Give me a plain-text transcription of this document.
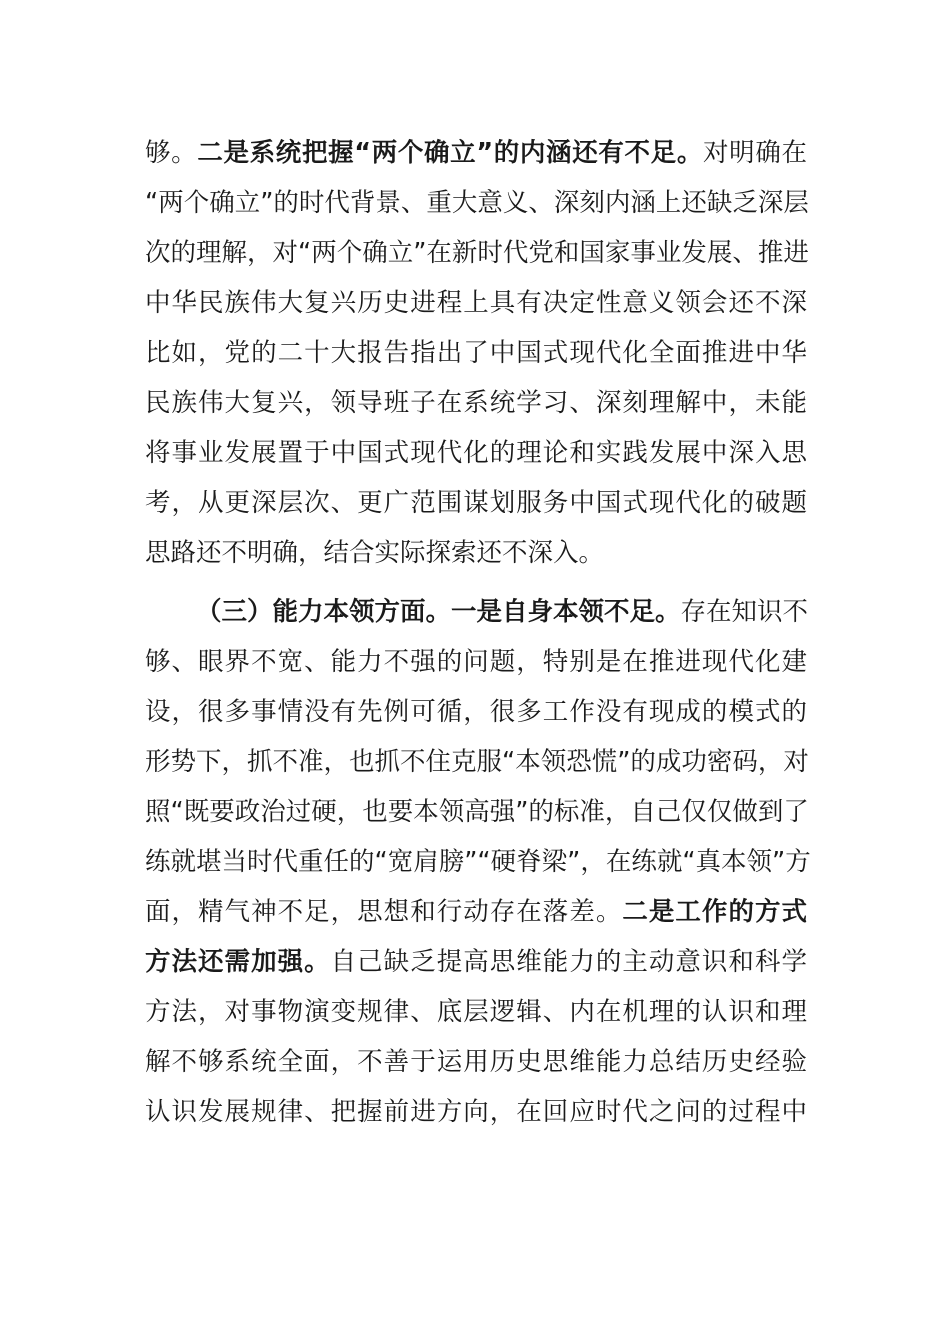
够。二是系统把握“两个确立”的内涵还有不足。对明确在
“两个确立”的时代背景、重大意义、深刻内涵上还缺乏深层
次的理解，对“两个确立”在新时代党和国家事业发展、推进
中华民族伟大复兴历史进程上具有决定性意义领会还不深
比如，党的二十大报告指出了中国式现代化全面推进中华
民族伟大复兴，领导班子在系统学习、深刻理解中，未能
将事业发展置于中国式现代化的理论和实践发展中深入思
考，从更深层次、更广范围谋划服务中国式现代化的破题
思路还不明确，结合实际探索还不深入。
（三）能力本领方面。一是自身本领不足。存在知识不
够、眼界不宽、能力不强的问题，特别是在推进现代化建
设，很多事情没有先例可循，很多工作没有现成的模式的
形势下，抓不准，也抓不住克服“本领恐慌”的成功密码，对
照“既要政治过硬，也要本领高强”的标准，自己仅仅做到了
练就堪当时代重任的“宽肩膀”“硬脊梁”，在练就“真本领”方
面，精气神不足，思想和行动存在落差。二是工作的方式
方法还需加强。自己缺乏提高思维能力的主动意识和科学
方法，对事物演变规律、底层逻辑、内在机理的认识和理
解不够系统全面，不善于运用历史思维能力总结历史经验
认识发展规律、把握前进方向，在回应时代之问的过程中
